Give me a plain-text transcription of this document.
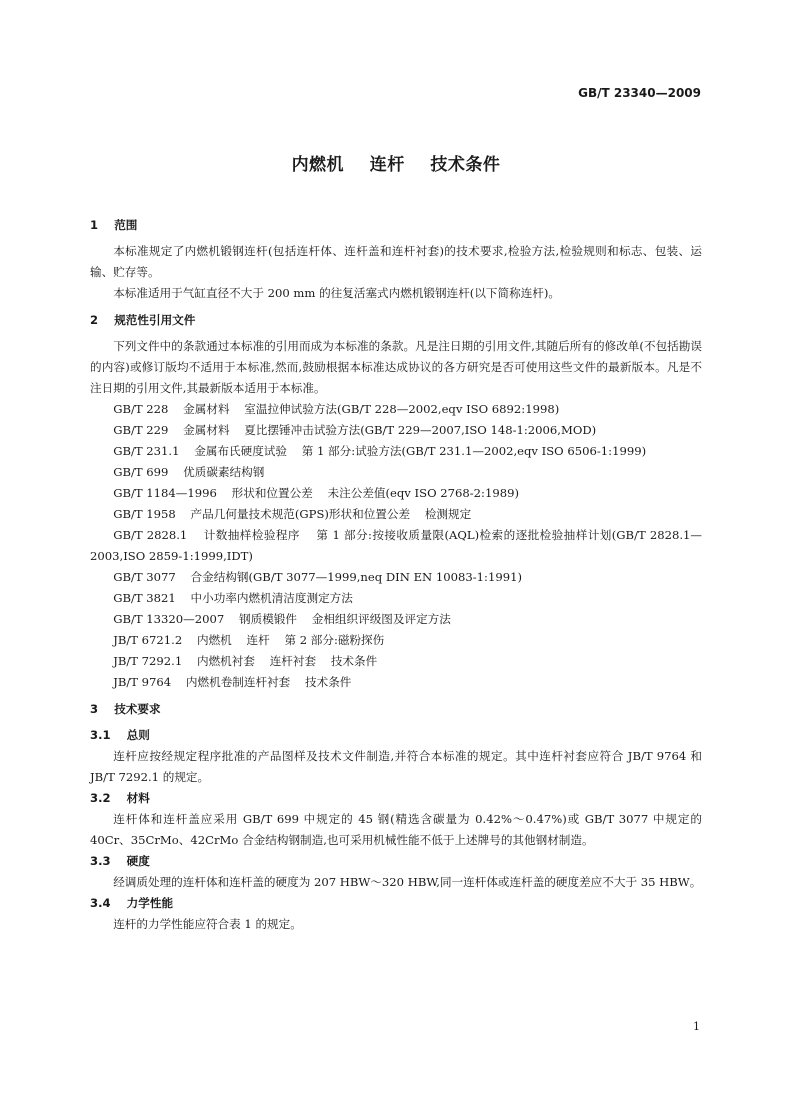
GB/T 23340—2009
内燃机    连杆    技术条件
1    范围

本标准规定了内燃机锻钢连杆(包括连杆体、连杆盖和连杆衬套)的技术要求,检验方法,检验规则和标志、包装、运输、贮存等。

本标准适用于气缸直径不大于 200 mm 的往复活塞式内燃机锻钢连杆(以下简称连杆)。

2    规范性引用文件

下列文件中的条款通过本标准的引用而成为本标准的条款。凡是注日期的引用文件,其随后所有的修改单(不包括勘误的内容)或修订版均不适用于本标准,然而,鼓励根据本标准达成协议的各方研究是否可使用这些文件的最新版本。凡是不注日期的引用文件,其最新版本适用于本标准。

GB/T 228    金属材料    室温拉伸试验方法(GB/T 228—2002,eqv ISO 6892:1998)

GB/T 229    金属材料    夏比摆锤冲击试验方法(GB/T 229—2007,ISO 148-1:2006,MOD)

GB/T 231.1    金属布氏硬度试验    第 1 部分:试验方法(GB/T 231.1—2002,eqv ISO 6506-1:1999)

GB/T 699    优质碳素结构钢

GB/T 1184—1996    形状和位置公差    未注公差值(eqv ISO 2768-2:1989)

GB/T 1958    产品几何量技术规范(GPS)形状和位置公差    检测规定

GB/T 2828.1    计数抽样检验程序    第 1 部分:按接收质量限(AQL)检索的逐批检验抽样计划(GB/T 2828.1—2003,ISO 2859-1:1999,IDT)

GB/T 3077    合金结构钢(GB/T 3077—1999,neq DIN EN 10083-1:1991)

GB/T 3821    中小功率内燃机清洁度测定方法

GB/T 13320—2007    钢质模锻件    金相组织评级图及评定方法

JB/T 6721.2    内燃机    连杆    第 2 部分:磁粉探伤

JB/T 7292.1    内燃机衬套    连杆衬套    技术条件

JB/T 9764    内燃机卷制连杆衬套    技术条件

3    技术要求
3.1    总则

连杆应按经规定程序批准的产品图样及技术文件制造,并符合本标准的规定。其中连杆衬套应符合 JB/T 9764 和 JB/T 7292.1 的规定。

3.2    材料

连杆体和连杆盖应采用 GB/T 699 中规定的 45 钢(精选含碳量为 0.42%～0.47%)或 GB/T 3077 中规定的 40Cr、35CrMo、42CrMo 合金结构钢制造,也可采用机械性能不低于上述牌号的其他钢材制造。

3.3    硬度

经调质处理的连杆体和连杆盖的硬度为 207 HBW～320 HBW,同一连杆体或连杆盖的硬度差应不大于 35 HBW。

3.4    力学性能

连杆的力学性能应符合表 1 的规定。

1
